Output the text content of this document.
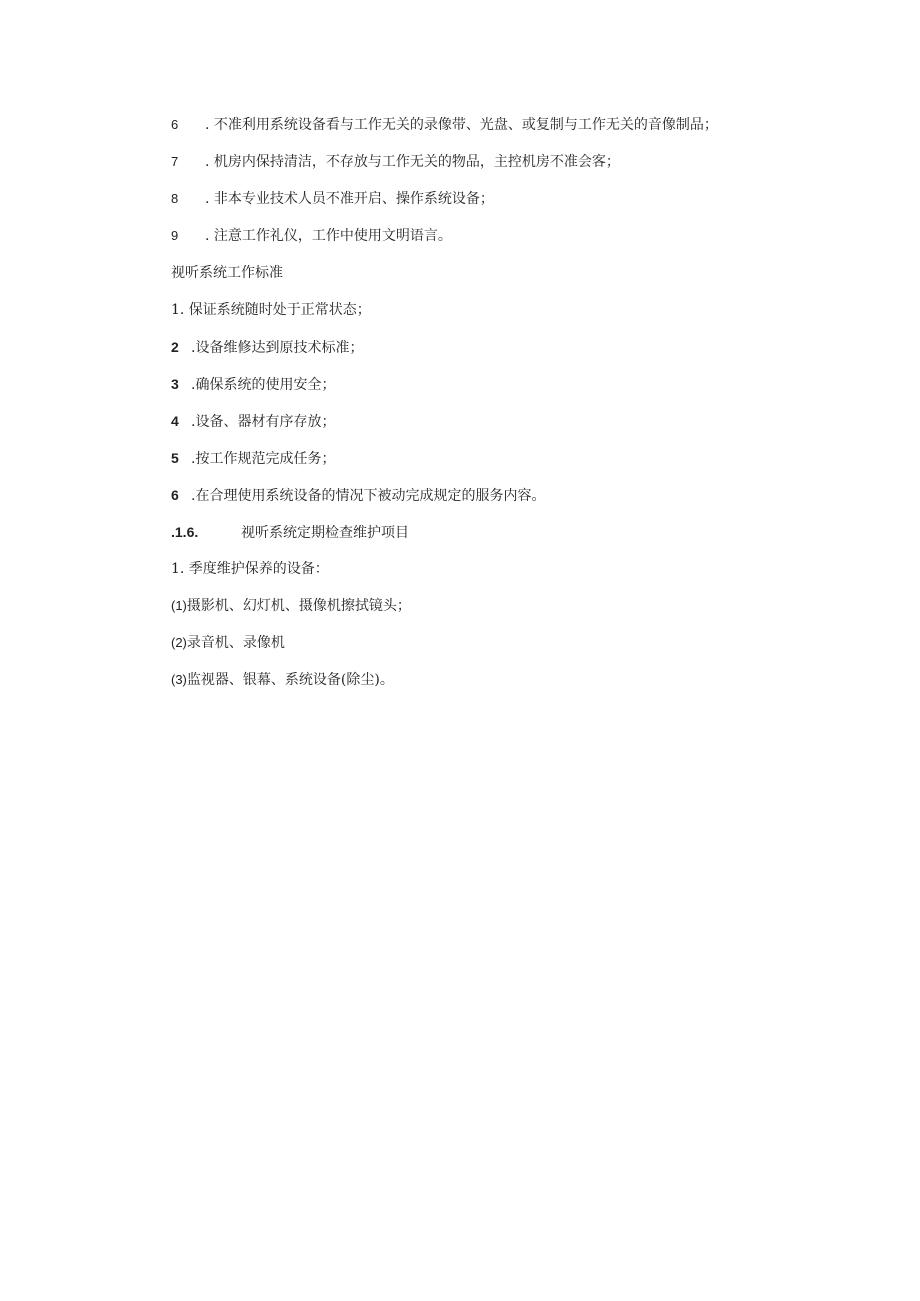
6 . 不准利用系统设备看与工作无关的录像带、光盘、或复制与工作无关的音像制品；
7 . 机房内保持清洁，不存放与工作无关的物品，主控机房不准会客；
8 . 非本专业技术人员不准开启、操作系统设备；
9 . 注意工作礼仪，工作中使用文明语言。
视听系统工作标准
1. 保证系统随时处于正常状态；
2 .设备维修达到原技术标准；
3 .确保系统的使用安全；
4 .设备、器材有序存放；
5 .按工作规范完成任务；
6 .在合理使用系统设备的情况下被动完成规定的服务内容。
.1.6.	视听系统定期检查维护项目
1. 季度维护保养的设备：
(1)摄影机、幻灯机、摄像机擦拭镜头；
(2)录音机、录像机
(3)监视器、银幕、系统设备(除尘)。
